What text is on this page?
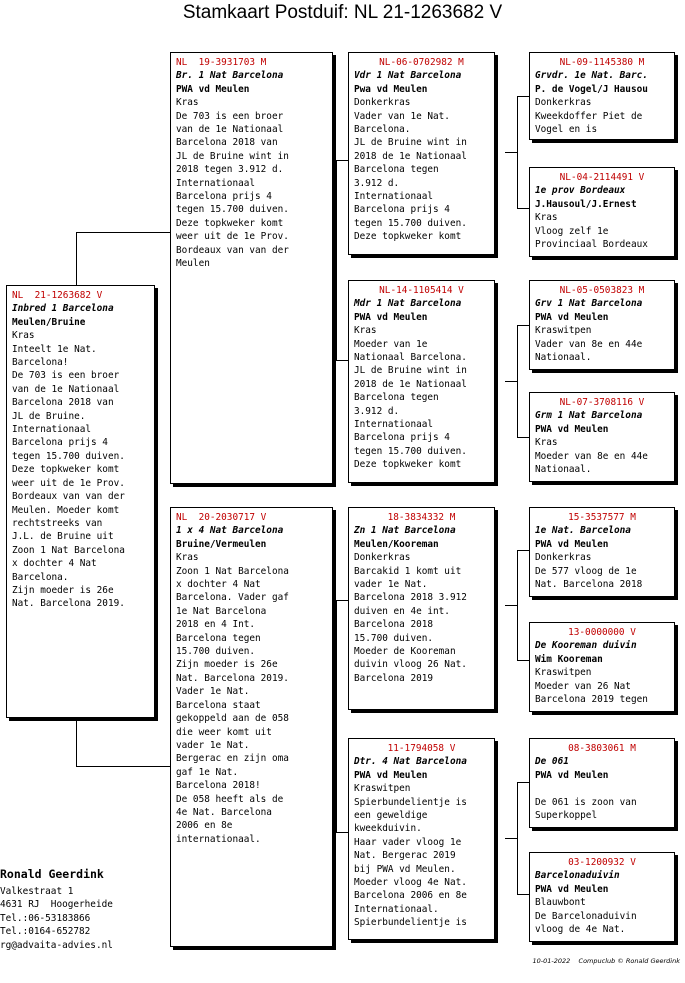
Stamkaart Postduif: NL 21-1263682 V
NL  21-1263682 V
Inbred 1 Barcelona
Meulen/Bruine
Kras
Inteelt 1e Nat.
Barcelona!
De 703 is een broer
van de 1e Nationaal
Barcelona 2018 van
JL de Bruine.
Internationaal
Barcelona prijs 4
tegen 15.700 duiven.
Deze topkweker komt
weer uit de 1e Prov.
Bordeaux van van der
Meulen. Moeder komt
rechtstreeks van
J.L. de Bruine uit
Zoon 1 Nat Barcelona
x dochter 4 Nat
Barcelona.
Zijn moeder is 26e
Nat. Barcelona 2019.
NL  19-3931703 M
Br. 1 Nat Barcelona
PWA vd Meulen
Kras
De 703 is een broer
van de 1e Nationaal
Barcelona 2018 van
JL de Bruine wint in
2018 tegen 3.912 d.
Internationaal
Barcelona prijs 4
tegen 15.700 duiven.
Deze topkweker komt
weer uit de 1e Prov.
Bordeaux van van der
Meulen
NL  20-2030717 V
1 x 4 Nat Barcelona
Bruine/Vermeulen
Kras
Zoon 1 Nat Barcelona
x dochter 4 Nat
Barcelona. Vader gaf
1e Nat Barcelona
2018 en 4 Int.
Barcelona tegen
15.700 duiven.
Zijn moeder is 26e
Nat. Barcelona 2019.
Vader 1e Nat.
Barcelona staat
gekoppeld aan de 058
die weer komt uit
vader 1e Nat.
Bergerac en zijn oma
gaf 1e Nat.
Barcelona 2018!
De 058 heeft als de
4e Nat. Barcelona
2006 en 8e
internationaal.
NL-06-0702982 M
Vdr 1 Nat Barcelona
Pwa vd Meulen
Donkerkras
Vader van 1e Nat.
Barcelona.
JL de Bruine wint in
2018 de 1e Nationaal
Barcelona tegen
3.912 d.
Internationaal
Barcelona prijs 4
tegen 15.700 duiven.
Deze topkweker komt
NL-14-1105414 V
Mdr 1 Nat Barcelona
PWA vd Meulen
Kras
Moeder van 1e
Nationaal Barcelona.
JL de Bruine wint in
2018 de 1e Nationaal
Barcelona tegen
3.912 d.
Internationaal
Barcelona prijs 4
tegen 15.700 duiven.
Deze topkweker komt
18-3834332 M
Zn 1 Nat Barcelona
Meulen/Kooreman
Donkerkras
Barcakid 1 komt uit
vader 1e Nat.
Barcelona 2018 3.912
duiven en 4e int.
Barcelona 2018
15.700 duiven.
Moeder de Kooreman
duivin vloog 26 Nat.
Barcelona 2019
11-1794058 V
Dtr. 4 Nat Barcelona
PWA vd Meulen
Kraswitpen
Spierbundelientje is
een geweldige
kweekduivin.
Haar vader vloog 1e
Nat. Bergerac 2019
bij PWA vd Meulen.
Moeder vloog 4e Nat.
Barcelona 2006 en 8e
Internationaal.
Spierbundelientje is
NL-09-1145380 M
Grvdr. 1e Nat. Barc.
P. de Vogel/J Hausou
Donkerkras
Kweekdoffer Piet de
Vogel en is
NL-04-2114491 V
1e prov Bordeaux
J.Hausoul/J.Ernest
Kras
Vloog zelf 1e
Provinciaal Bordeaux
NL-05-0503823 M
Grv 1 Nat Barcelona
PWA vd Meulen
Kraswitpen
Vader van 8e en 44e
Nationaal.
NL-07-3708116 V
Grm 1 Nat Barcelona
PWA vd Meulen
Kras
Moeder van 8e en 44e
Nationaal.
15-3537577 M
1e Nat. Barcelona
PWA vd Meulen
Donkerkras
De 577 vloog de 1e
Nat. Barcelona 2018
13-0000000 V
De Kooreman duivin
Wim Kooreman
Kraswitpen
Moeder van 26 Nat
Barcelona 2019 tegen
08-3803061 M
De 061
PWA vd Meulen
De 061 is zoon van
Superkoppel
03-1200932 V
Barcelonaduivin
PWA vd Meulen
Blauwbont
De Barcelonaduivin
vloog de 4e Nat.
Ronald Geerdink
Valkestraat 1
4631 RJ  Hoogerheide
Tel.:06-53183866
Tel.:0164-652782
rg@advaita-advies.nl
10-01-2022    Compuclub © Ronald Geerdink
